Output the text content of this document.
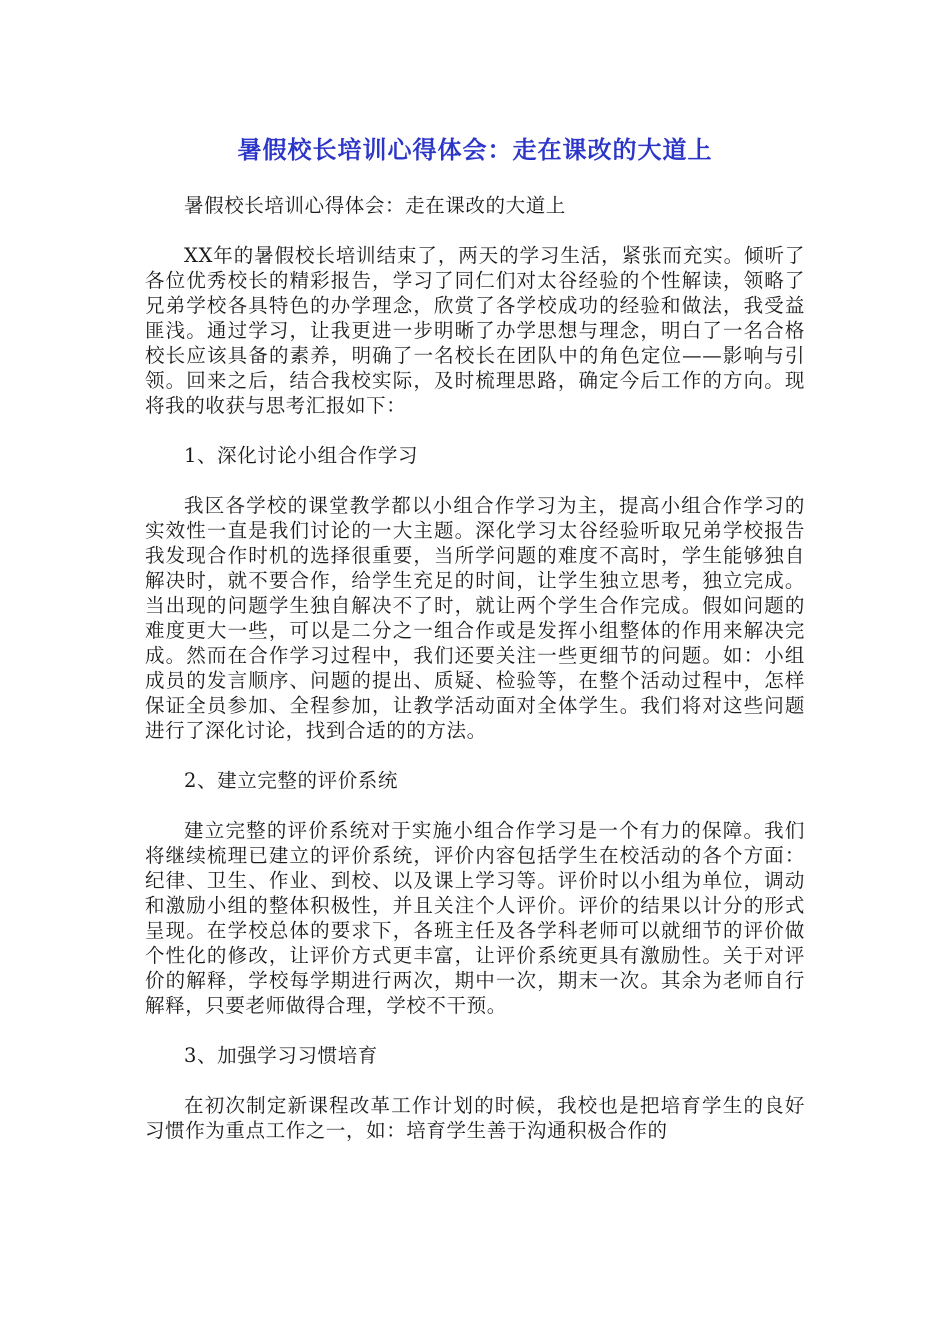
暑假校长培训心得体会：走在课改的大道上

暑假校长培训心得体会：走在课改的大道上

XX年的暑假校长培训结束了，两天的学习生活，紧张而充实。倾听了各位优秀校长的精彩报告，学习了同仁们对太谷经验的个性解读，领略了兄弟学校各具特色的办学理念，欣赏了各学校成功的经验和做法，我受益匪浅。通过学习，让我更进一步明晰了办学思想与理念，明白了一名合格校长应该具备的素养，明确了一名校长在团队中的角色定位——影响与引领。回来之后，结合我校实际，及时梳理思路，确定今后工作的方向。现将我的收获与思考汇报如下：

1、深化讨论小组合作学习

我区各学校的课堂教学都以小组合作学习为主，提高小组合作学习的实效性一直是我们讨论的一大主题。深化学习太谷经验听取兄弟学校报告我发现合作时机的选择很重要，当所学问题的难度不高时，学生能够独自解决时，就不要合作，给学生充足的时间，让学生独立思考，独立完成。当出现的问题学生独自解决不了时，就让两个学生合作完成。假如问题的难度更大一些，可以是二分之一组合作或是发挥小组整体的作用来解决完成。然而在合作学习过程中，我们还要关注一些更细节的问题。如：小组成员的发言顺序、问题的提出、质疑、检验等，在整个活动过程中，怎样保证全员参加、全程参加，让教学活动面对全体学生。我们将对这些问题进行了深化讨论，找到合适的的方法。

2、建立完整的评价系统

建立完整的评价系统对于实施小组合作学习是一个有力的保障。我们将继续梳理已建立的评价系统，评价内容包括学生在校活动的各个方面：纪律、卫生、作业、到校、以及课上学习等。评价时以小组为单位，调动和激励小组的整体积极性，并且关注个人评价。评价的结果以计分的形式呈现。在学校总体的要求下，各班主任及各学科老师可以就细节的评价做个性化的修改，让评价方式更丰富，让评价系统更具有激励性。关于对评价的解释，学校每学期进行两次，期中一次，期末一次。其余为老师自行解释，只要老师做得合理，学校不干预。

3、加强学习习惯培育

在初次制定新课程改革工作计划的时候，我校也是把培育学生的良好习惯作为重点工作之一，如：培育学生善于沟通积极合作的
